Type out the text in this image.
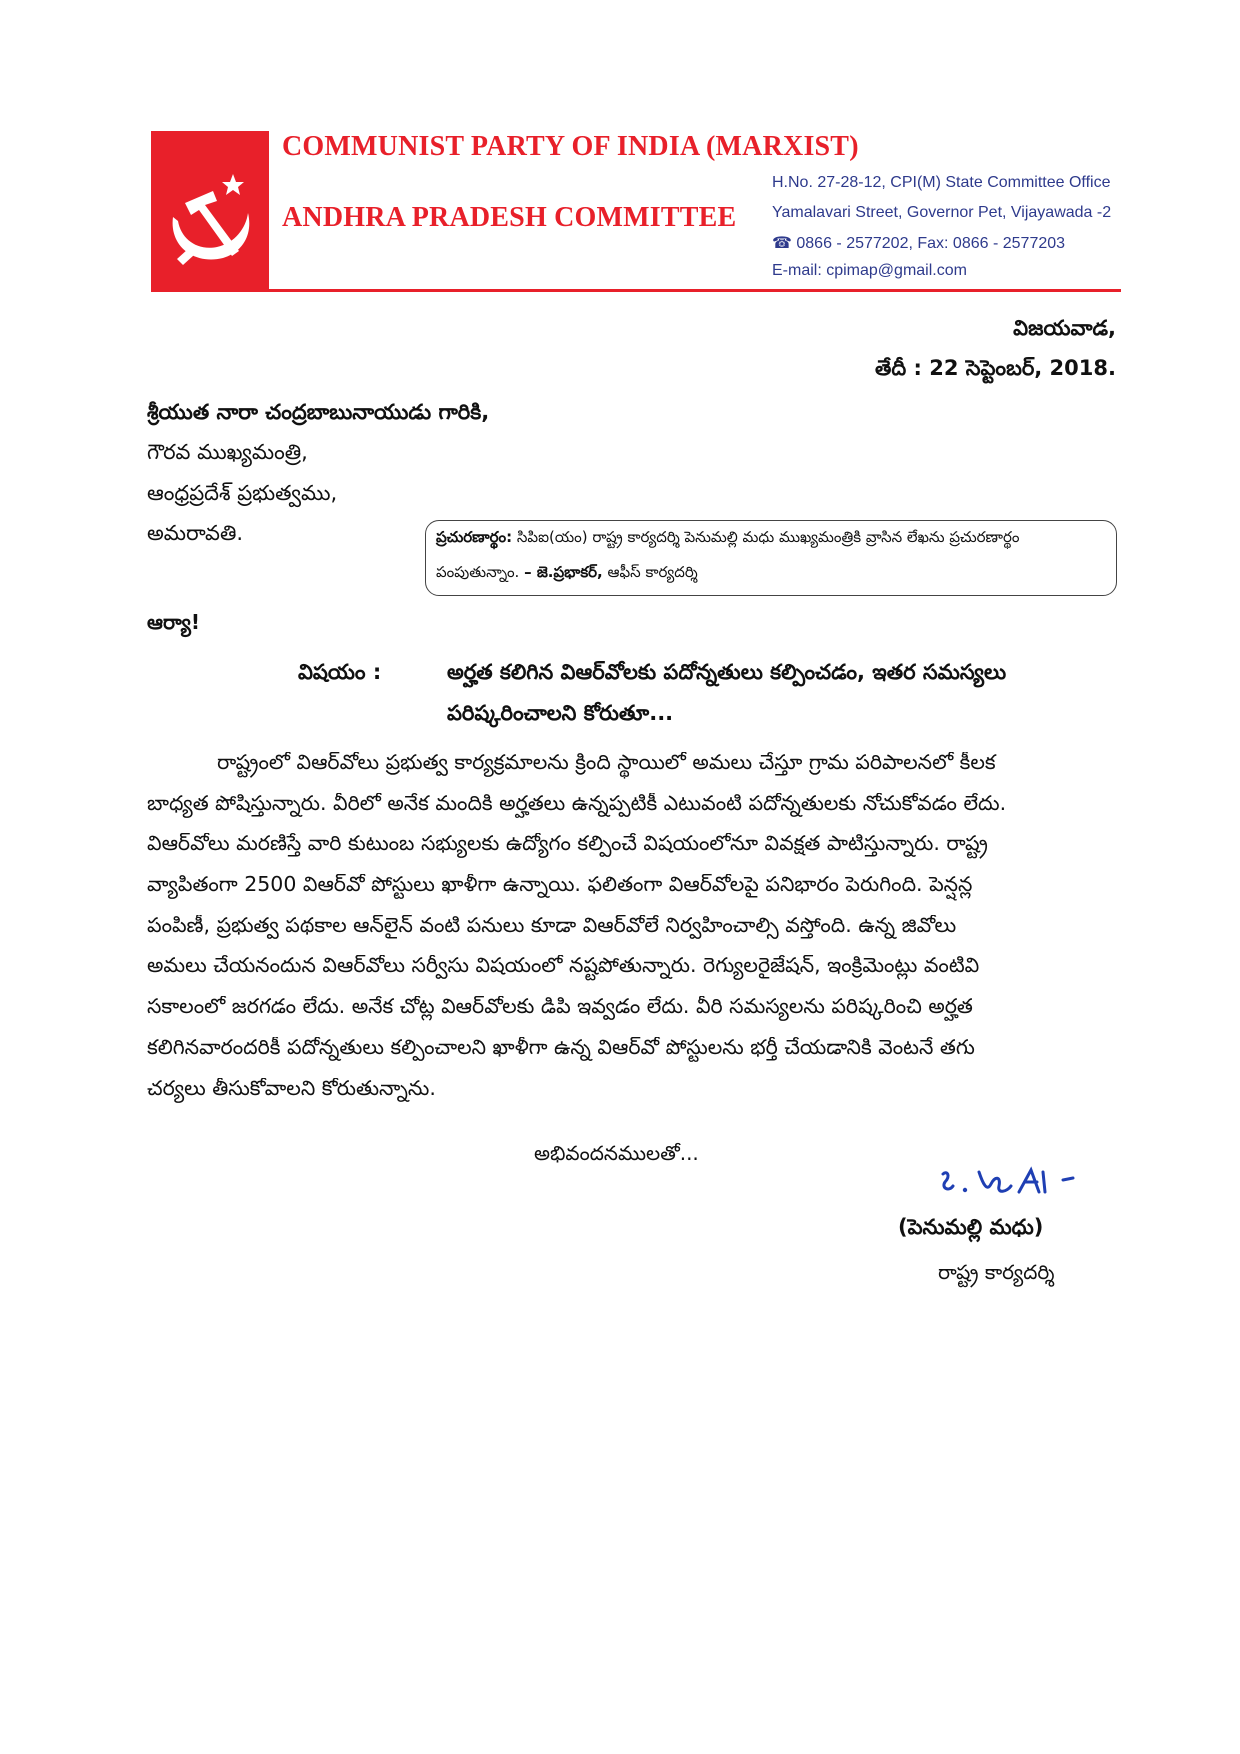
COMMUNIST PARTY OF INDIA (MARXIST)
ANDHRA PRADESH COMMITTEE
H.No. 27-28-12, CPI(M) State Committee Office
Yamalavari Street, Governor Pet, Vijayawada -2
☎ 0866 - 2577202, Fax: 0866 - 2577203
E-mail: cpimap@gmail.com
విజయవాడ,
తేదీ : 22 సెప్టెంబర్, 2018.
శ్రీయుత నారా చంద్రబాబునాయుడు గారికి,
గౌరవ ముఖ్యమంత్రి,
ఆంధ్రప్రదేశ్ ప్రభుత్వము,
అమరావతి.	ప్రచురణార్థం: సిపిఐ(యం) రాష్ట్ర కార్యదర్శి పెనుమల్లి మధు ముఖ్యమంత్రికి వ్రాసిన లేఖను ప్రచురణార్థం
పంపుతున్నాం. – జె.ప్రభాకర్, ఆఫీస్ కార్యదర్శి
ఆర్యా!
విషయం :	అర్హత కలిగిన విఆర్‌వోలకు పదోన్నతులు కల్పించడం, ఇతర సమస్యలు
పరిష్కరించాలని కోరుతూ...
రాష్ట్రంలో విఆర్‌వోలు ప్రభుత్వ కార్యక్రమాలను క్రింది స్థాయిలో అమలు చేస్తూ గ్రామ పరిపాలనలో కీలక
బాధ్యత పోషిస్తున్నారు. వీరిలో అనేక మందికి అర్హతలు ఉన్నప్పటికీ ఎటువంటి పదోన్నతులకు నోచుకోవడం లేదు.
విఆర్‌వోలు మరణిస్తే వారి కుటుంబ సభ్యులకు ఉద్యోగం కల్పించే విషయంలోనూ వివక్షత పాటిస్తున్నారు. రాష్ట్ర
వ్యాపితంగా 2500 విఆర్‌వో పోస్టులు ఖాళీగా ఉన్నాయి. ఫలితంగా విఆర్‌వోలపై పనిభారం పెరుగింది. పెన్షన్ల
పంపిణీ, ప్రభుత్వ పథకాల ఆన్‌లైన్ వంటి పనులు కూడా విఆర్‌వోలే నిర్వహించాల్సి వస్తోంది. ఉన్న జివోలు
అమలు చేయనందున విఆర్‌వోలు సర్వీసు విషయంలో నష్టపోతున్నారు. రెగ్యులరైజేషన్, ఇంక్రిమెంట్లు వంటివి
సకాలంలో జరగడం లేదు. అనేక చోట్ల విఆర్‌వోలకు డిపి ఇవ్వడం లేదు. వీరి సమస్యలను పరిష్కరించి అర్హత
కలిగినవారందరికీ పదోన్నతులు కల్పించాలని ఖాళీగా ఉన్న విఆర్‌వో పోస్టులను భర్తీ చేయడానికి వెంటనే తగు
చర్యలు తీసుకోవాలని కోరుతున్నాను.
అభివందనములతో...
(పెనుమల్లి మధు)
రాష్ట్ర కార్యదర్శి
